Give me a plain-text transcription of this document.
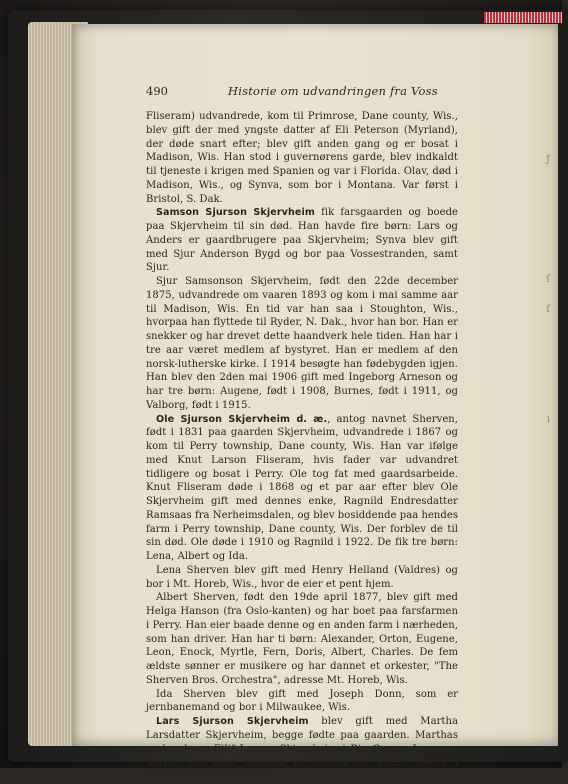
ƒ
ſ
ſ
ı
490	Historie om udvandringen fra Voss

Fliseram) udvandrede, kom til Primrose, Dane county, Wis., blev gift der med yngste datter af Eli Peterson (Myrland), der døde snart efter; blev gift anden gang og er bosat i Madison, Wis. Han stod i guvernørens garde, blev indkaldt til tjeneste i krigen med Spanien og var i Florida. Olav, død i Madison, Wis., og Synva, som bor i Montana. Var først i Bristol, S. Dak.

Samson Sjurson Skjervheim fik farsgaarden og boede paa Skjervheim til sin død. Han havde fire børn: Lars og Anders er gaardbrugere paa Skjervheim; Synva blev gift med Sjur Anderson Bygd og bor paa Vossestranden, samt Sjur.

Sjur Samsonson Skjervheim, født den 22de december 1875, udvandrede om vaaren 1893 og kom i mai samme aar til Madison, Wis. En tid var han saa i Stoughton, Wis., hvorpaa han flyttede til Ryder, N. Dak., hvor han bor. Han er snekker og har drevet dette haandverk hele tiden. Han har i tre aar været medlem af bystyret. Han er medlem af den norsk-lutherske kirke. I 1914 besøgte han fødebygden igjen. Han blev den 2den mai 1906 gift med Ingeborg Arneson og har tre børn: Augene, født i 1908, Burnes, født i 1911, og Valborg, født i 1915.

Ole Sjurson Skjervheim d. æ., antog navnet Sherven, født i 1831 paa gaarden Skjervheim, udvandrede i 1867 og kom til Perry township, Dane county, Wis. Han var ifølge med Knut Larson Fliseram, hvis fader var udvandret tidligere og bosat i Perry. Ole tog fat med gaardsarbeide. Knut Fliseram døde i 1868 og et par aar efter blev Ole Skjervheim gift med dennes enke, Ragnild Endresdatter Ramsaas fra Nerheimsdalen, og blev bosiddende paa hendes farm i Perry township, Dane county, Wis. Der forblev de til sin død. Ole døde i 1910 og Ragnild i 1922. De fik tre børn: Lena, Albert og Ida.

Lena Sherven blev gift med Henry Helland (Valdres) og bor i Mt. Horeb, Wis., hvor de eier et pent hjem.

Albert Sherven, født den 19de april 1877, blev gift med Helga Hanson (fra Oslo-kanten) og har boet paa farsfarmen i Perry. Han eier baade denne og en anden farm i nærheden, som han driver. Han har ti børn: Alexander, Orton, Eugene, Leon, Enock, Myrtle, Fern, Doris, Albert, Charles. De fem ældste sønner er musikere og har dannet et orkester, "The Sherven Bros. Orchestra", adresse Mt. Horeb, Wis.

Ida Sherven blev gift med Joseph Donn, som er jernbanemand og bor i Milwaukee, Wis.

Lars Sjurson Skjervheim blev gift med Martha Larsdatter Skjervheim, begge fødte paa gaarden. Marthas søskende er Eilif Larson Skjervheim i Big Canoe, Iowa, og Sigvor, gift med Rognald R. Nestos (se andre steder i bogen). Lars og Martha
